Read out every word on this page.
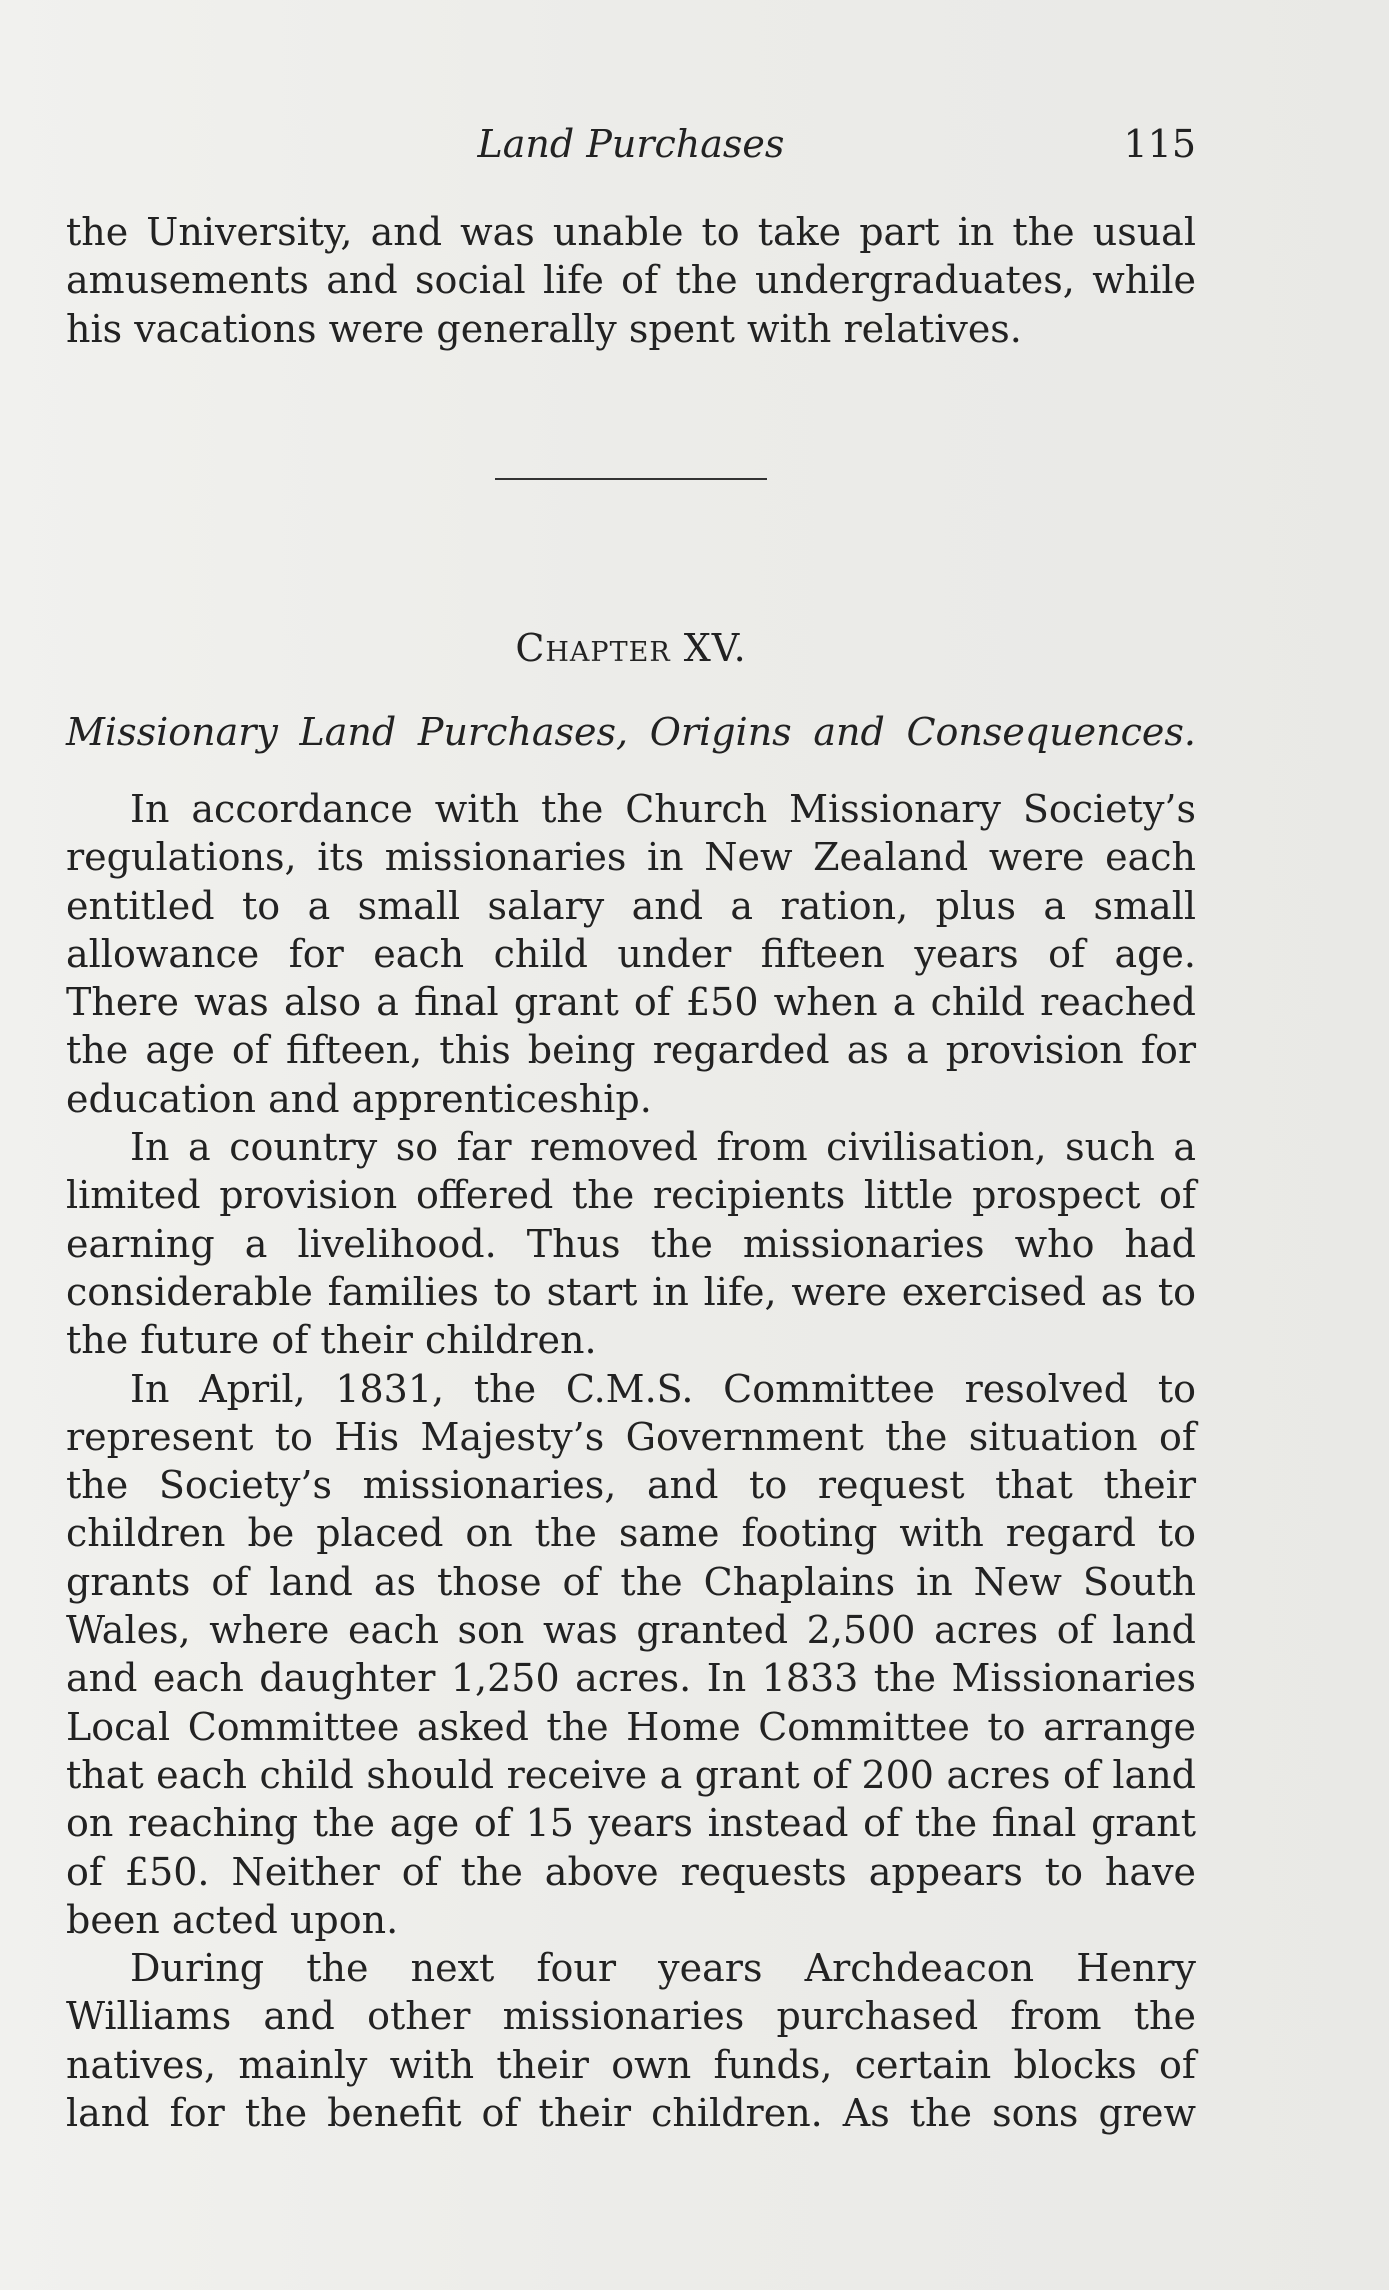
Land Purchases	115
the University, and was unable to take part in the usual
amusements and social life of the undergraduates, while
his vacations were generally spent with relatives.
Chapter XV.
Missionary Land Purchases, Origins and Consequences.
In accordance with the Church Missionary Society’s
regulations, its missionaries in New Zealand were each
entitled to a small salary and a ration, plus a small
allowance for each child under fifteen years of age.
There was also a final grant of £50 when a child reached
the age of fifteen, this being regarded as a provision for
education and apprenticeship.
In a country so far removed from civilisation, such a
limited provision offered the recipients little prospect of
earning a livelihood. Thus the missionaries who had
considerable families to start in life, were exercised as to
the future of their children.
In April, 1831, the C.M.S. Committee resolved to
represent to His Majesty’s Government the situation of
the Society’s missionaries, and to request that their
children be placed on the same footing with regard to
grants of land as those of the Chaplains in New South
Wales, where each son was granted 2,500 acres of land
and each daughter 1,250 acres. In 1833 the Missionaries
Local Committee asked the Home Committee to arrange
that each child should receive a grant of 200 acres of land
on reaching the age of 15 years instead of the final grant
of £50. Neither of the above requests appears to have
been acted upon.
During the next four years Archdeacon Henry
Williams and other missionaries purchased from the
natives, mainly with their own funds, certain blocks of
land for the benefit of their children. As the sons grew
